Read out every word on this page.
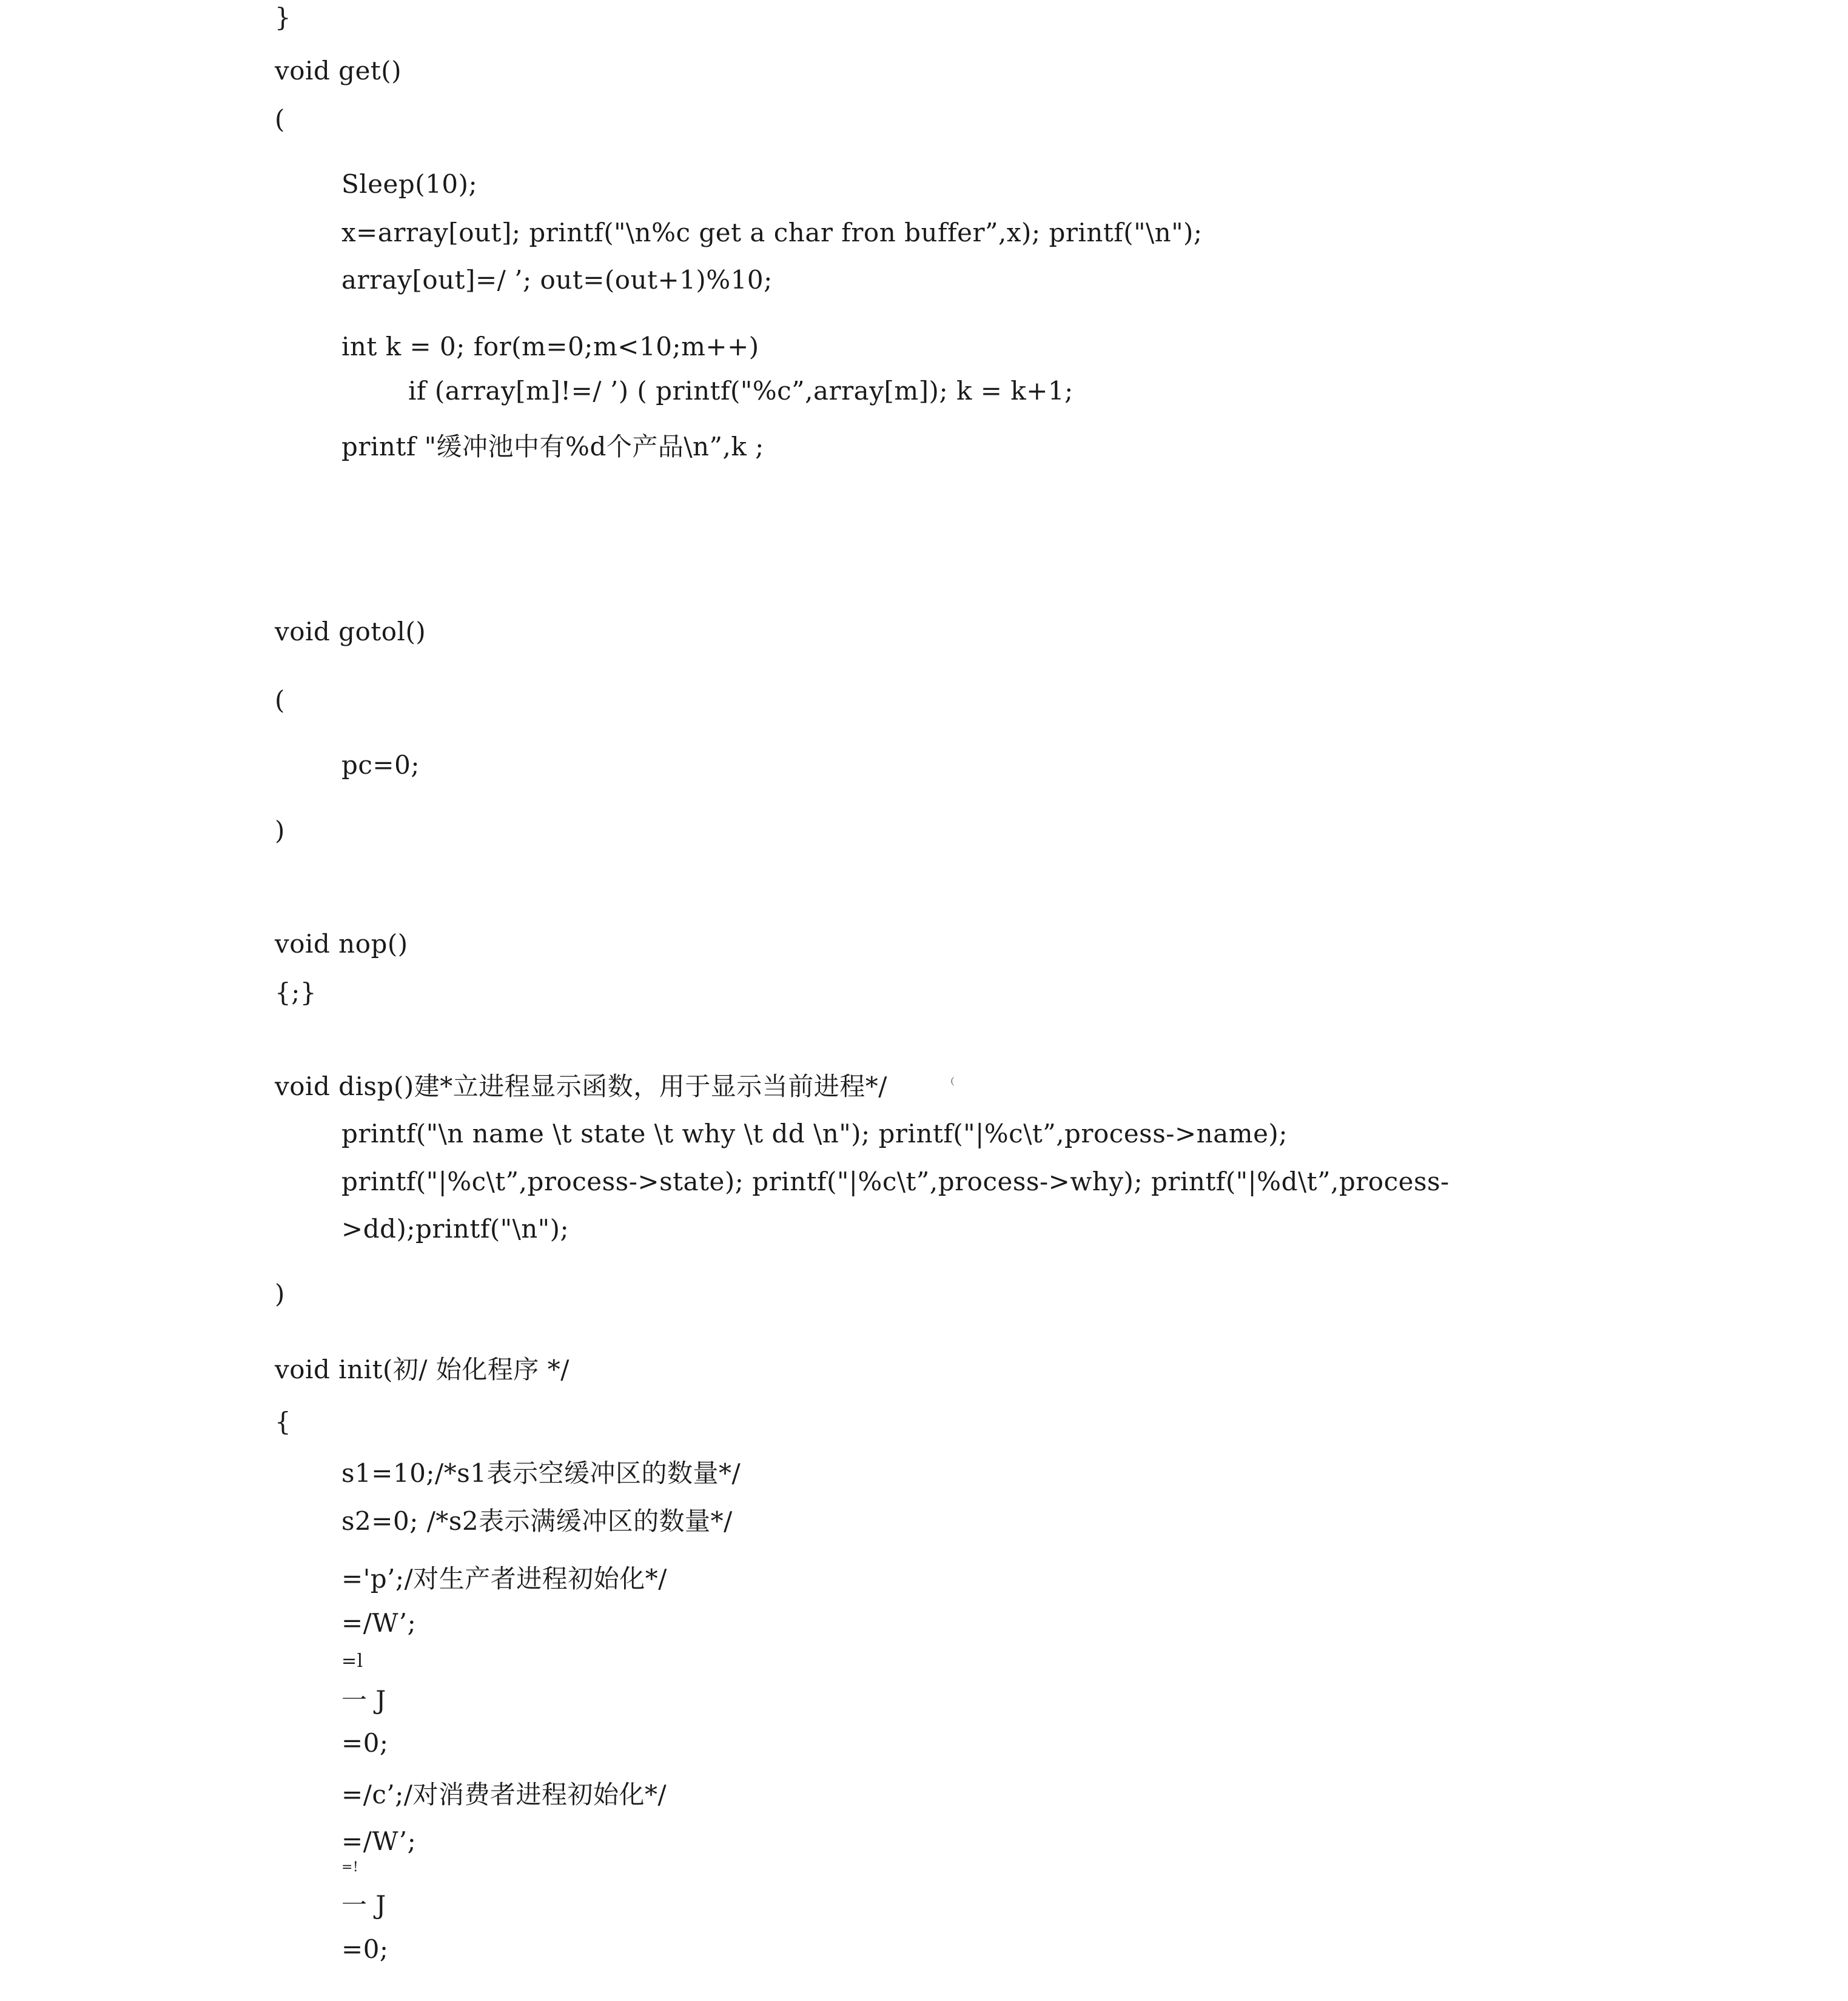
}
void get()
(
Sleep(10);
x=array[out]; printf("\n%c get a char fron buffer”,x); printf("\n");
array[out]=/ ’; out=(out+1)%10;
int k = 0; for(m=0;m<10;m++)
if (array[m]!=/ ’) ( printf("%c”,array[m]); k = k+1;
printf "缓冲池中有%d个产品\n”,k ;
void gotol()
(
pc=0;
)
void nop()
{;}
void disp()建*立进程显示函数，用于显示当前进程*/	﹙
printf("\n name \t state \t why \t dd \n"); printf("|%c\t”,process->name);
printf("|%c\t”,process->state); printf("|%c\t”,process->why); printf("|%d\t”,process-
>dd);printf("\n");
)
void init(初/ 始化程序 */
{
s1=10;/*s1表示空缓冲区的数量*/
s2=0; /*s2表示满缓冲区的数量*/
='p’;/对生产者进程初始化*/
=/W’;
=l
一 J
=0;
=/c’;/对消费者进程初始化*/
=/W’;
=!
一 J
=0;
